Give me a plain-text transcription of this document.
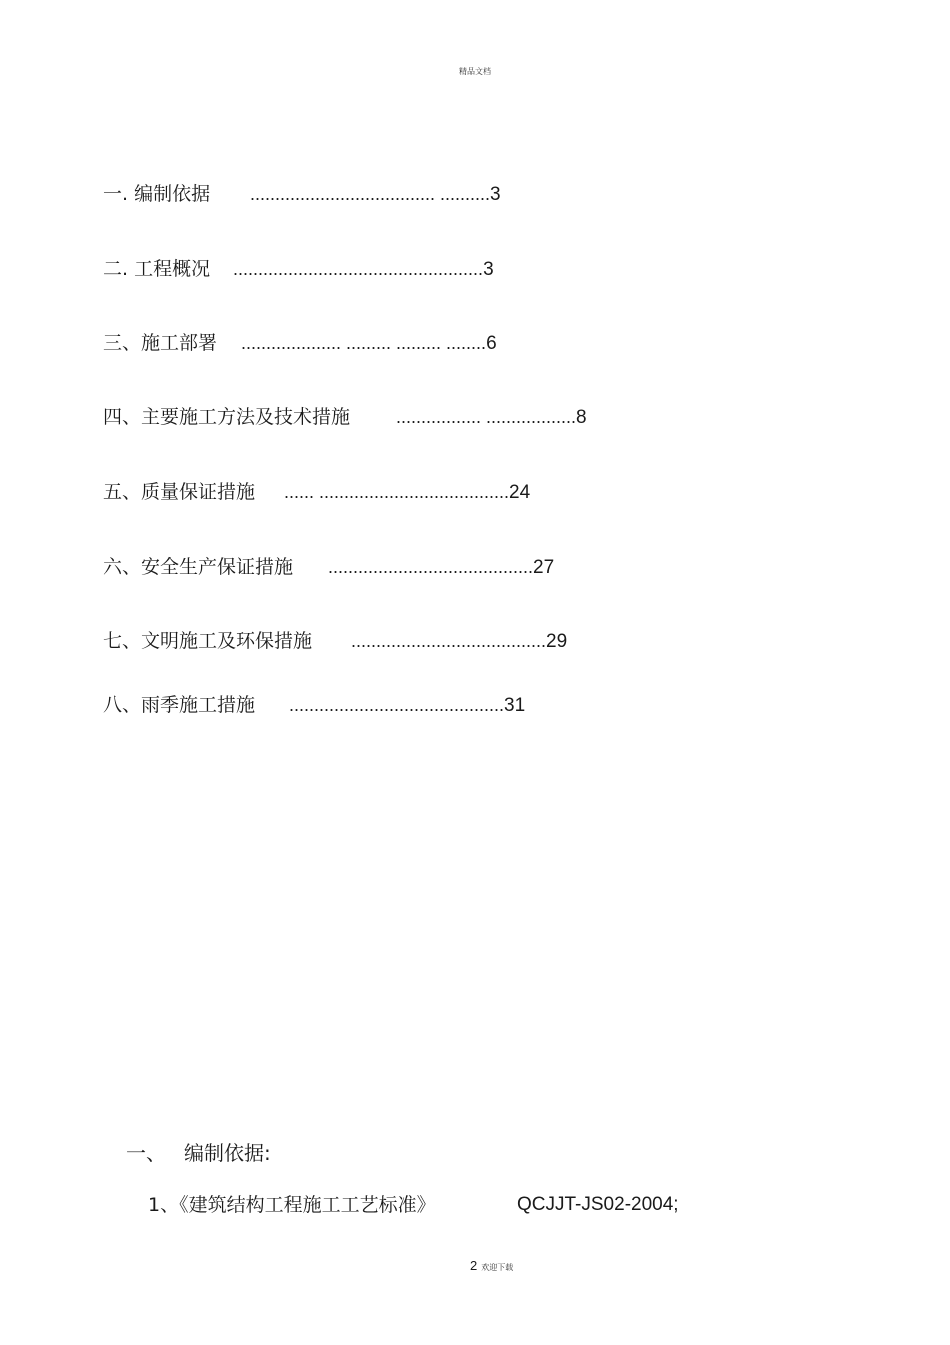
精品文档
一. 编制依据 ..................................... ..........3
二. 工程概况 ..................................................3
三、施工部署 .................... ......... ......... ........6
四、主要施工方法及技术措施	................. ..................8
五、质量保证措施 ...... ......................................24
六、安全生产保证措施 .........................................27
七、文明施工及环保措施 .......................................29
八、雨季施工措施 ...........................................31
一、 编制依据:
1、《建筑结构工程施工工艺标准》	QCJJT-JS02-2004;
2 欢迎下载
